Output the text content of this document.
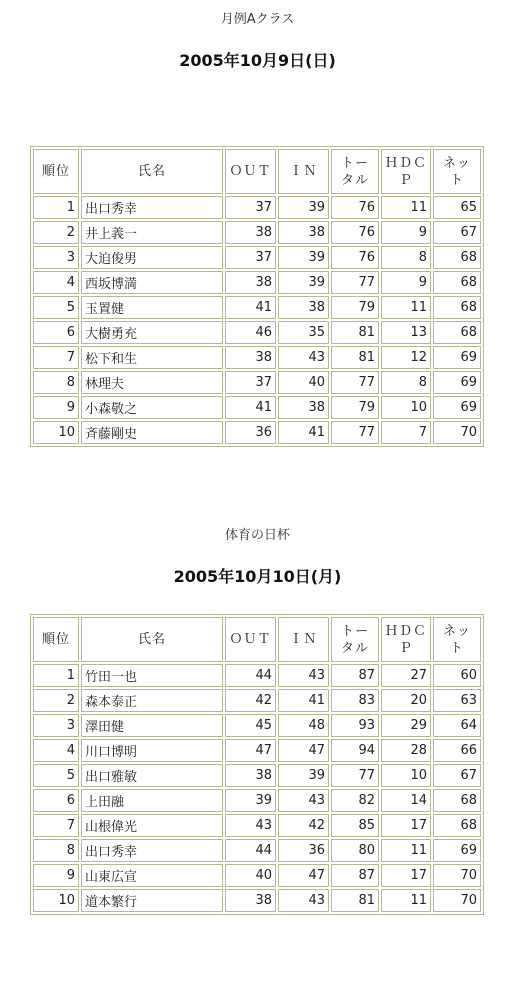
月例Aクラス

2005年10月9日(日)

順位	氏名	ＯＵＴ	ＩＮ	トータル	ＨＤＣＰ	ネット
1	出口秀幸	37	39	76	11	65
2	井上義一	38	38	76	9	67
3	大迫俊男	37	39	76	8	68
4	西坂博満	38	39	77	9	68
5	玉置健	41	38	79	11	68
6	大樹勇充	46	35	81	13	68
7	松下和生	38	43	81	12	69
8	林理夫	37	40	77	8	69
9	小森敬之	41	38	79	10	69
10	斉藤剛史	36	41	77	7	70

体育の日杯

2005年10月10日(月)

順位	氏名	ＯＵＴ	ＩＮ	トータル	ＨＤＣＰ	ネット
1	竹田一也	44	43	87	27	60
2	森本泰正	42	41	83	20	63
3	澤田健	45	48	93	29	64
4	川口博明	47	47	94	28	66
5	出口雅敏	38	39	77	10	67
6	上田融	39	43	82	14	68
7	山根偉光	43	42	85	17	68
8	出口秀幸	44	36	80	11	69
9	山東広宣	40	47	87	17	70
10	道本繁行	38	43	81	11	70
